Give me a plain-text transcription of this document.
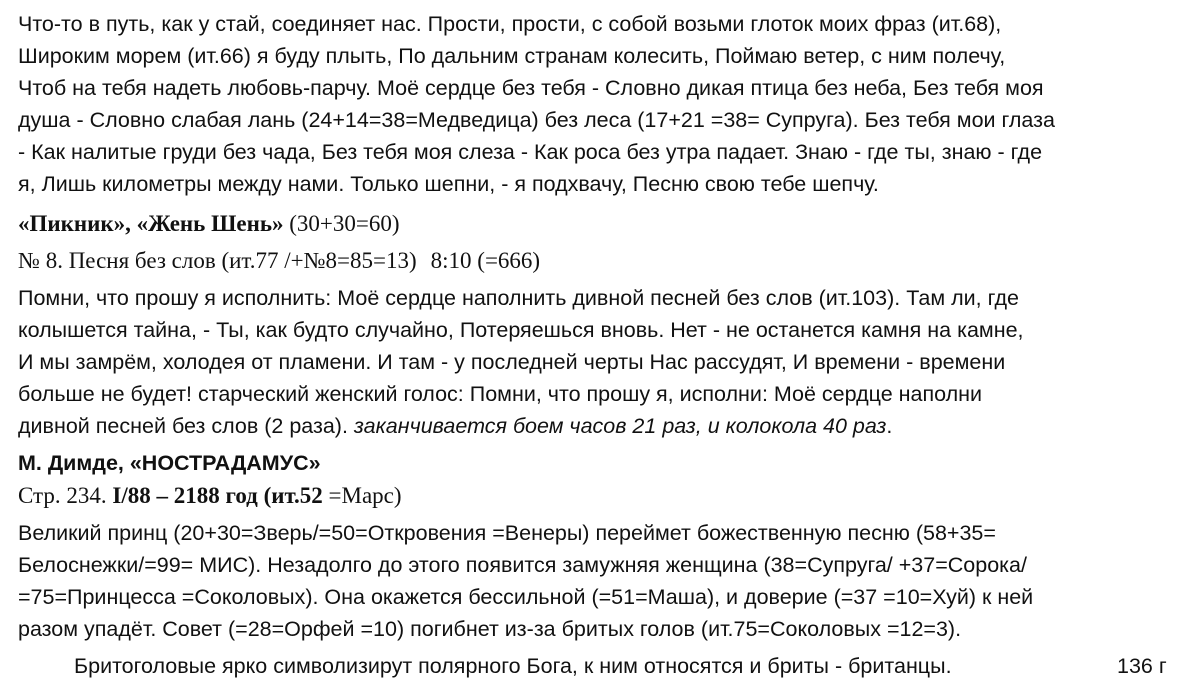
Что-то в путь, как у стай, соединяет нас. Прости, прости, с собой возьми глоток моих фраз (ит.68),
Широким морем (ит.66) я буду плыть, По дальним странам колесить, Поймаю ветер, с ним полечу,
Чтоб на тебя надеть любовь-парчу. Моё сердце без тебя - Словно дикая птица без неба, Без тебя моя
душа - Словно слабая лань (24+14=38=Медведица) без леса (17+21 =38= Супруга). Без тебя мои глаза
- Как налитые груди без чада, Без тебя моя слеза - Как роса без утра падает. Знаю - где ты, знаю - где
я, Лишь километры между нами. Только шепни, - я подхвачу, Песню свою тебе шепчу.
«Пикник», «Жень Шень» (30+30=60)
№ 8. Песня без слов (ит.77 /+№8=85=13) 8:10 (=666)
Помни, что прошу я исполнить: Моё сердце наполнить дивной песней без слов (ит.103). Там ли, где
колышется тайна, - Ты, как будто случайно, Потеряешься вновь. Нет - не останется камня на камне,
И мы замрём, холодея от пламени. И там - у последней черты Нас рассудят, И времени - времени
больше не будет! старческий женский голос: Помни, что прошу я, исполни: Моё сердце наполни
дивной песней без слов (2 раза). заканчивается боем часов 21 раз, и колокола 40 раз.
М. Димде, «НОСТРАДАМУС»
Стр. 234. I/88 – 2188 год (ит.52 =Марс)
Великий принц (20+30=Зверь/=50=Откровения =Венеры) переймет божественную песню (58+35=
Белоснежки/=99= МИС). Незадолго до этого появится замужняя женщина (38=Супруга/ +37=Сорока/
=75=Принцесса =Соколовых). Она окажется бессильной (=51=Маша), и доверие (=37 =10=Хуй) к ней
разом упадёт. Совет (=28=Орфей =10) погибнет из-за бритых голов (ит.75=Соколовых =12=3).
Бритоголовые ярко символизирут полярного Бога, к ним относятся и бриты - британцы.	136 г
